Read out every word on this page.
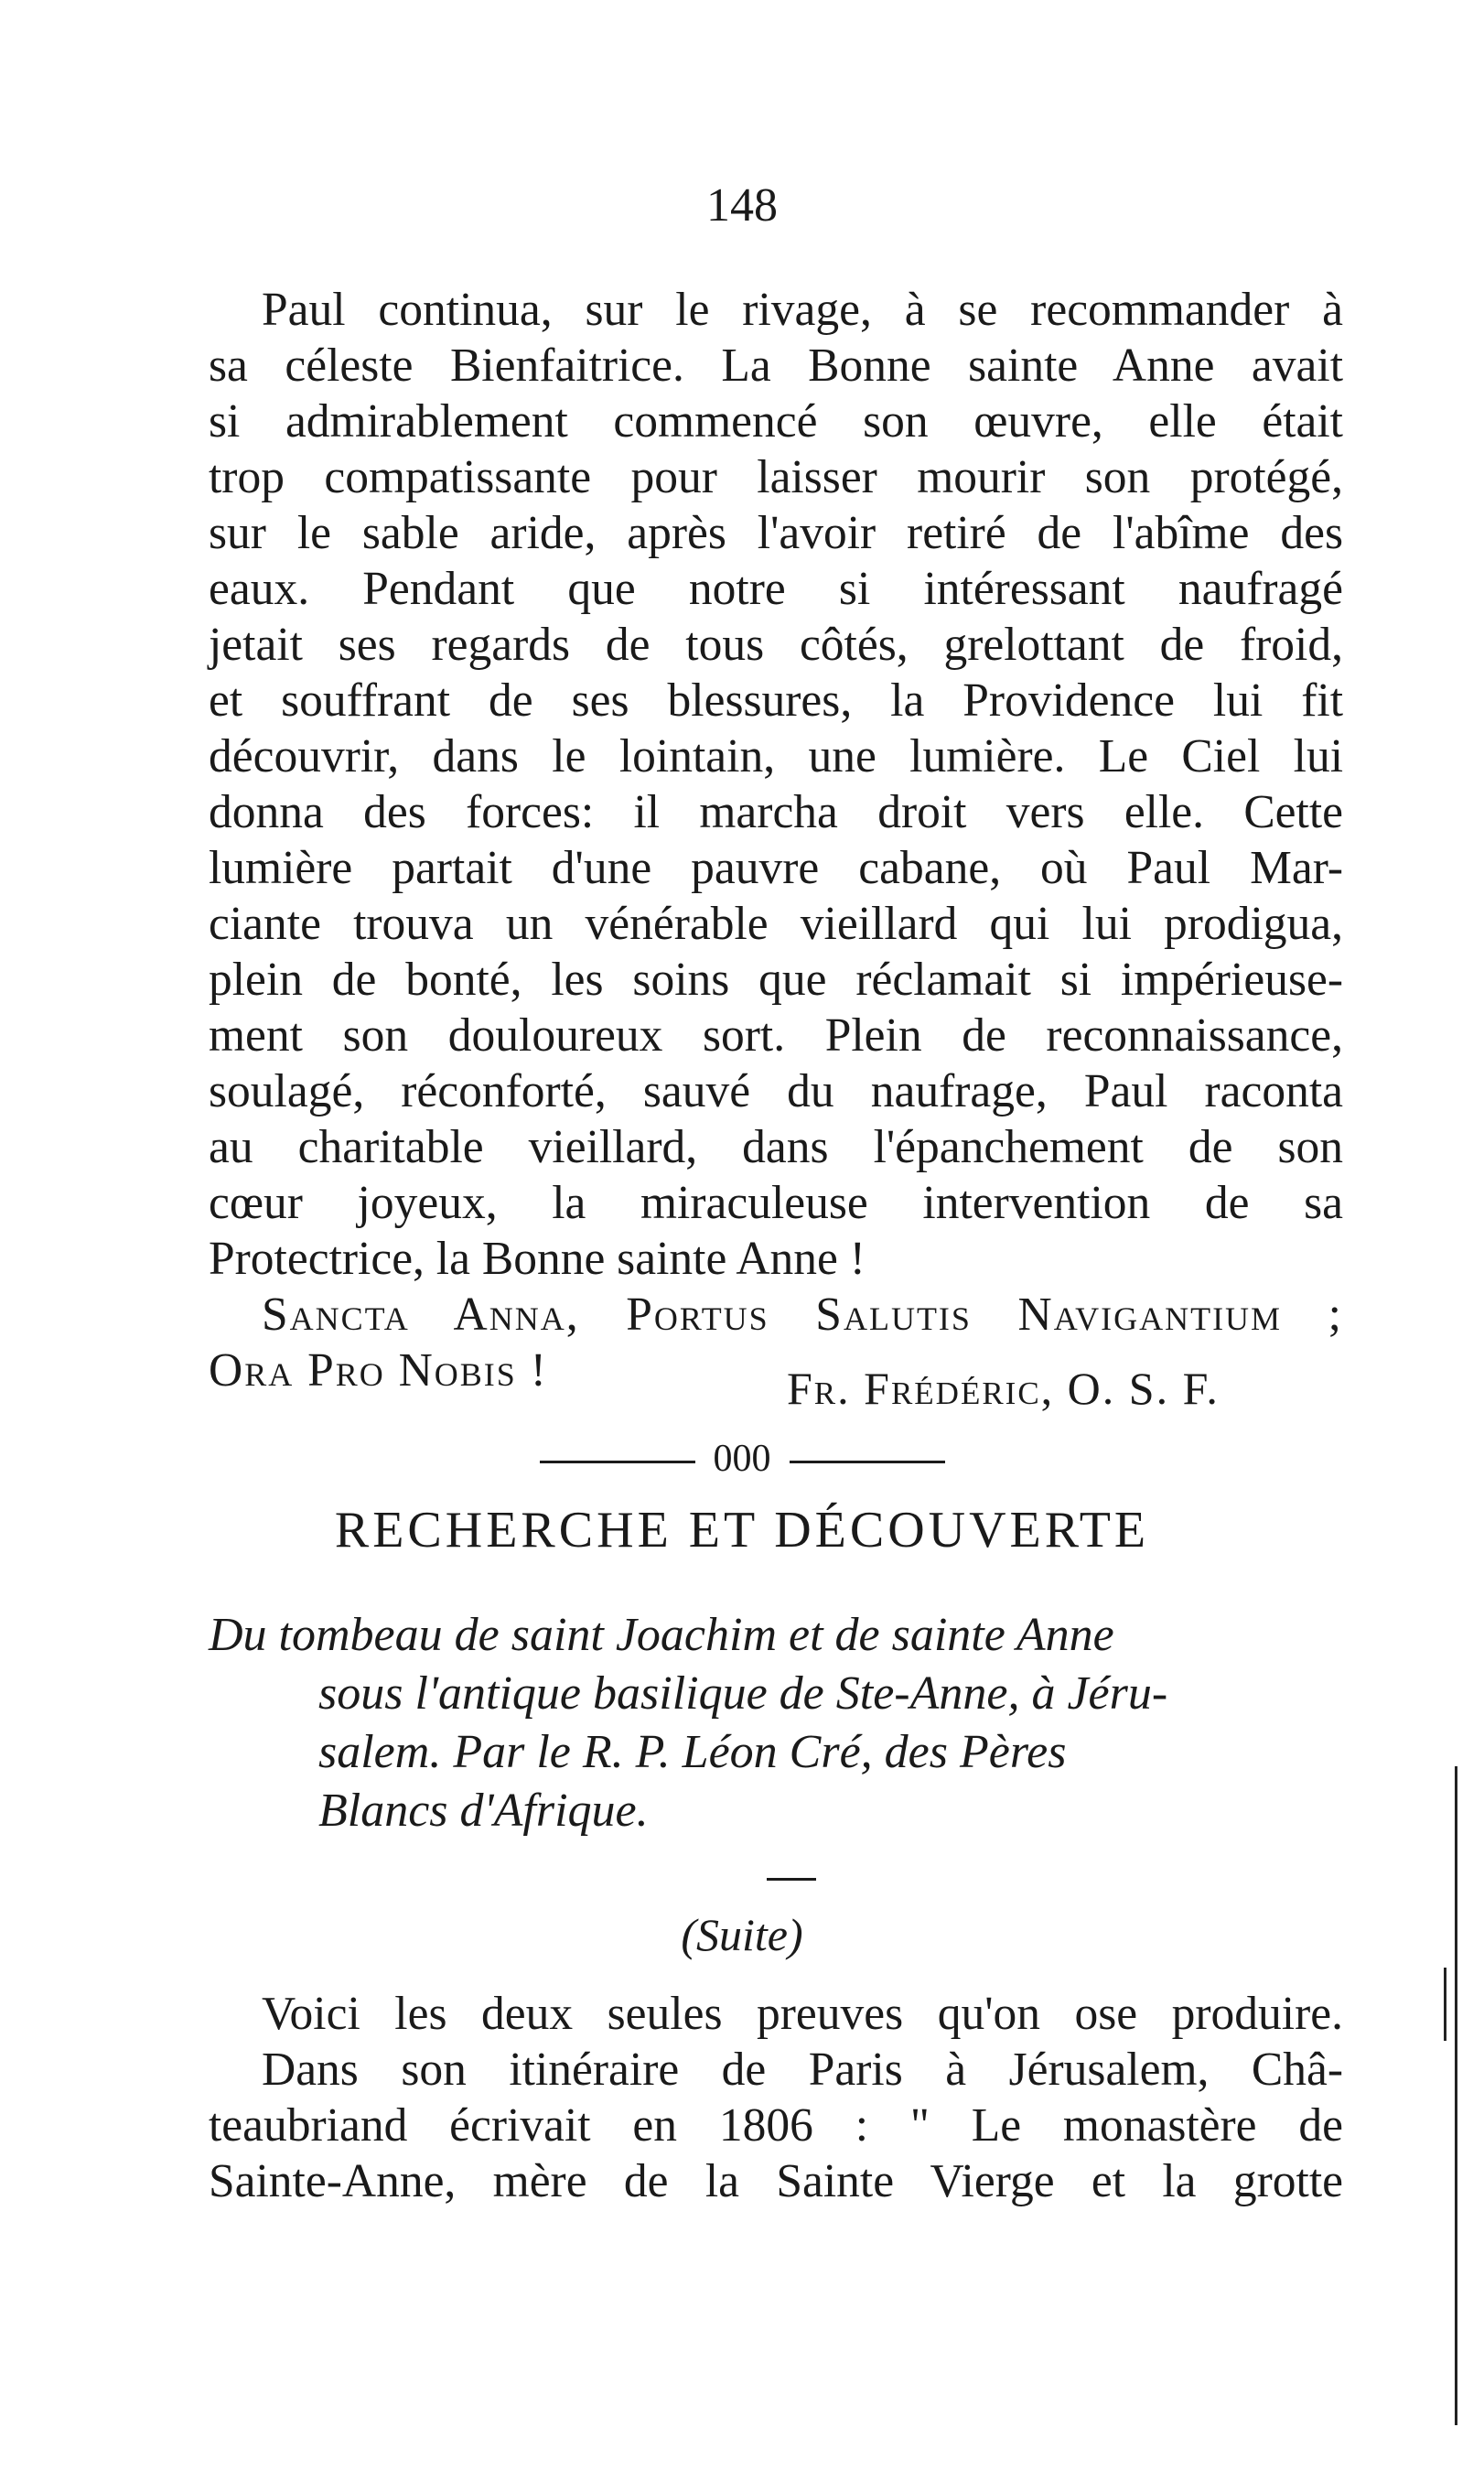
148

Paul continua, sur le rivage, à se recommander à
sa céleste Bienfaitrice. La Bonne sainte Anne avait
si admirablement commencé son œuvre, elle était
trop compatissante pour laisser mourir son protégé,
sur le sable aride, après l'avoir retiré de l'abîme des
eaux. Pendant que notre si intéressant naufragé
jetait ses regards de tous côtés, grelottant de froid,
et souffrant de ses blessures, la Providence lui fit
découvrir, dans le lointain, une lumière. Le Ciel lui
donna des forces: il marcha droit vers elle. Cette
lumière partait d'une pauvre cabane, où Paul Mar-
ciante trouva un vénérable vieillard qui lui prodigua,
plein de bonté, les soins que réclamait si impérieuse-
ment son douloureux sort. Plein de reconnaissance,
soulagé, réconforté, sauvé du naufrage, Paul raconta
au charitable vieillard, dans l'épanchement de son
cœur joyeux, la miraculeuse intervention de sa
Protectrice, la Bonne sainte Anne !

Sancta Anna, Portus Salutis Navigantium ;
Ora Pro Nobis !	Fr. Frédéric, O. S. F.
000
RECHERCHE ET DÉCOUVERTE
Du tombeau de saint Joachim et de sainte Anne
sous l'antique basilique de Ste-Anne, à Jéru-
salem. Par le R. P. Léon Cré, des Pères
Blancs d'Afrique.
(Suite)

Voici les deux seules preuves qu'on ose produire.
Dans son itinéraire de Paris à Jérusalem, Châ-
teaubriand écrivait en 1806 : " Le monastère de
Sainte-Anne, mère de la Sainte Vierge et la grotte
